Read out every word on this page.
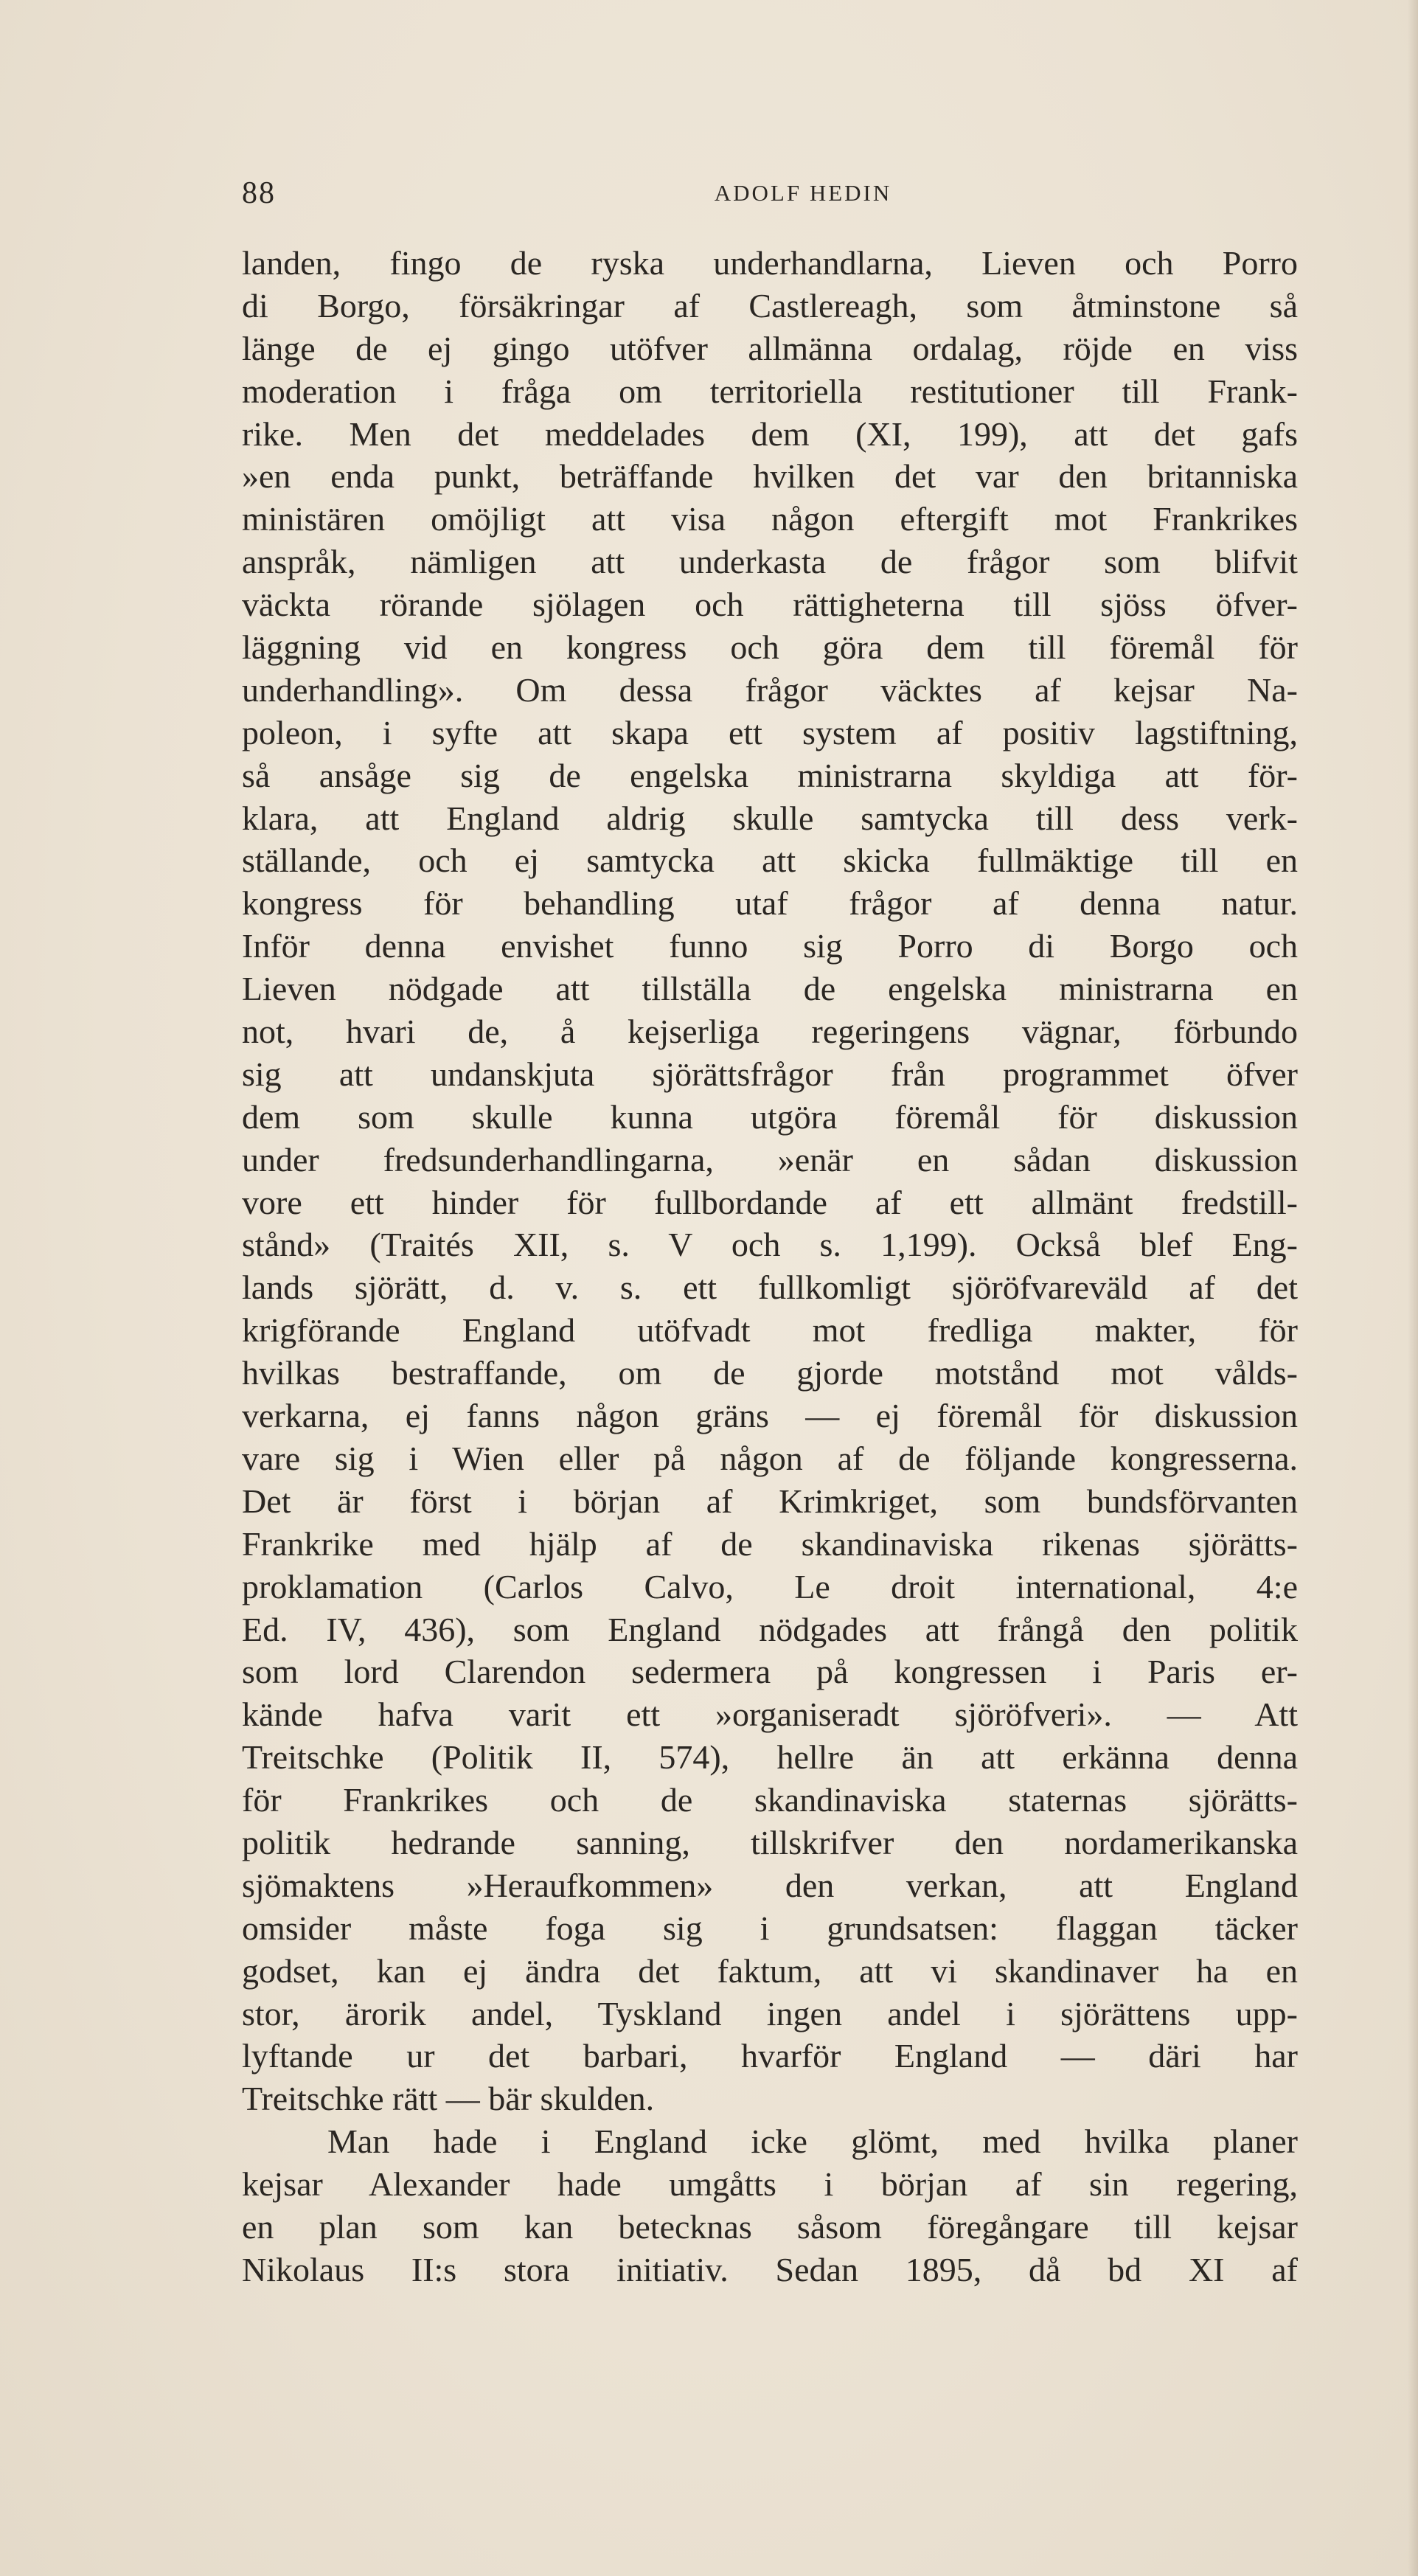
88	ADOLF HEDIN
landen, fingo de ryska underhandlarna, Lieven och Porro
di Borgo, försäkringar af Castlereagh, som åtminstone så
länge de ej gingo utöfver allmänna ordalag, röjde en viss
moderation i fråga om territoriella restitutioner till Frank-
rike. Men det meddelades dem (XI, 199), att det gafs
»en enda punkt, beträffande hvilken det var den britanniska
ministären omöjligt att visa någon eftergift mot Frankrikes
anspråk, nämligen att underkasta de frågor som blifvit
väckta rörande sjölagen och rättigheterna till sjöss öfver-
läggning vid en kongress och göra dem till föremål för
underhandling». Om dessa frågor väcktes af kejsar Na-
poleon, i syfte att skapa ett system af positiv lagstiftning,
så ansåge sig de engelska ministrarna skyldiga att för-
klara, att England aldrig skulle samtycka till dess verk-
ställande, och ej samtycka att skicka fullmäktige till en
kongress för behandling utaf frågor af denna natur.
Inför denna envishet funno sig Porro di Borgo och
Lieven nödgade att tillställa de engelska ministrarna en
not, hvari de, å kejserliga regeringens vägnar, förbundo
sig att undanskjuta sjörättsfrågor från programmet öfver
dem som skulle kunna utgöra föremål för diskussion
under fredsunderhandlingarna, »enär en sådan diskussion
vore ett hinder för fullbordande af ett allmänt fredstill-
stånd» (Traités XII, s. V och s. 1,199). Också blef Eng-
lands sjörätt, d. v. s. ett fullkomligt sjöröfvareväld af det
krigförande England utöfvadt mot fredliga makter, för
hvilkas bestraffande, om de gjorde motstånd mot vålds-
verkarna, ej fanns någon gräns — ej föremål för diskussion
vare sig i Wien eller på någon af de följande kongresserna.
Det är först i början af Krimkriget, som bundsförvanten
Frankrike med hjälp af de skandinaviska rikenas sjörätts-
proklamation (Carlos Calvo, Le droit international, 4:e
Ed. IV, 436), som England nödgades att frångå den politik
som lord Clarendon sedermera på kongressen i Paris er-
kände hafva varit ett »organiseradt sjöröfveri». — Att
Treitschke (Politik II, 574), hellre än att erkänna denna
för Frankrikes och de skandinaviska staternas sjörätts-
politik hedrande sanning, tillskrifver den nordamerikanska
sjömaktens »Heraufkommen» den verkan, att England
omsider måste foga sig i grundsatsen: flaggan täcker
godset, kan ej ändra det faktum, att vi skandinaver ha en
stor, ärorik andel, Tyskland ingen andel i sjörättens upp-
lyftande ur det barbari, hvarför England — däri har
Treitschke rätt — bär skulden.
Man hade i England icke glömt, med hvilka planer
kejsar Alexander hade umgåtts i början af sin regering,
en plan som kan betecknas såsom föregångare till kejsar
Nikolaus II:s stora initiativ. Sedan 1895, då bd XI af
